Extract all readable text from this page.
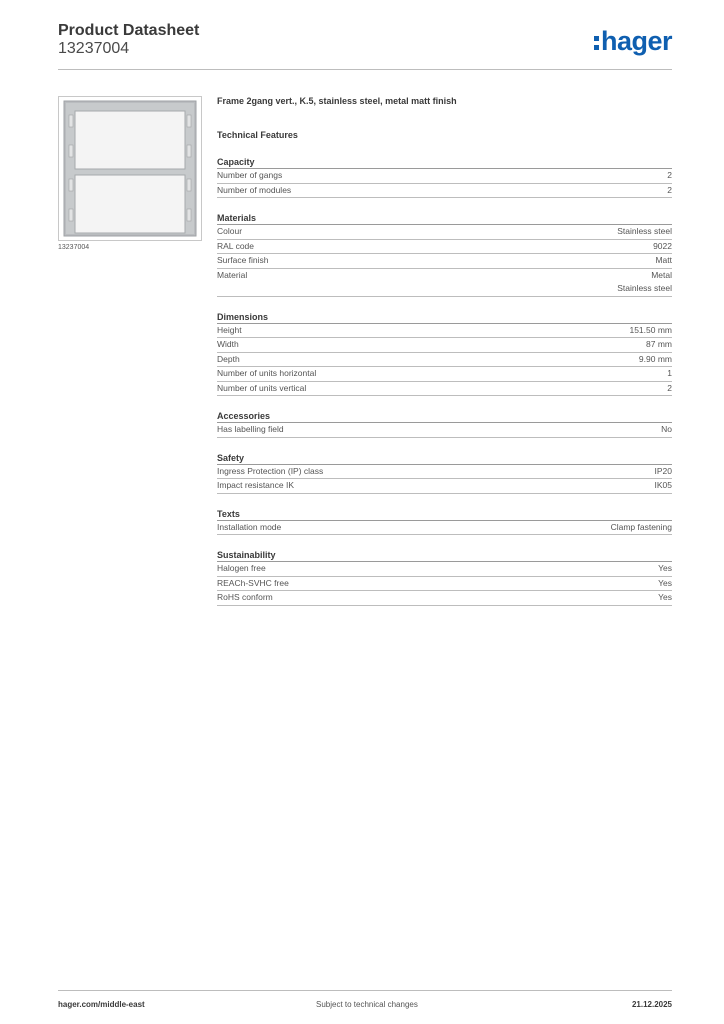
Product Datasheet
13237004	hager
13237004
Frame 2gang vert., K.5, stainless steel, metal matt finish
Technical Features
Capacity
Number of gangs	2
Number of modules	2
Materials
Colour	Stainless steel
RAL code	9022
Surface finish	Matt
Material	Metal
Stainless steel
Dimensions
Height	151.50 mm
Width	87 mm
Depth	9.90 mm
Number of units horizontal	1
Number of units vertical	2
Accessories
Has labelling field	No
Safety
Ingress Protection (IP) class	IP20
Impact resistance IK	IK05
Texts
Installation mode	Clamp fastening
Sustainability
Halogen free	Yes
REACh-SVHC free	Yes
RoHS conform	Yes
hager.com/middle-east	Subject to technical changes	21.12.2025
